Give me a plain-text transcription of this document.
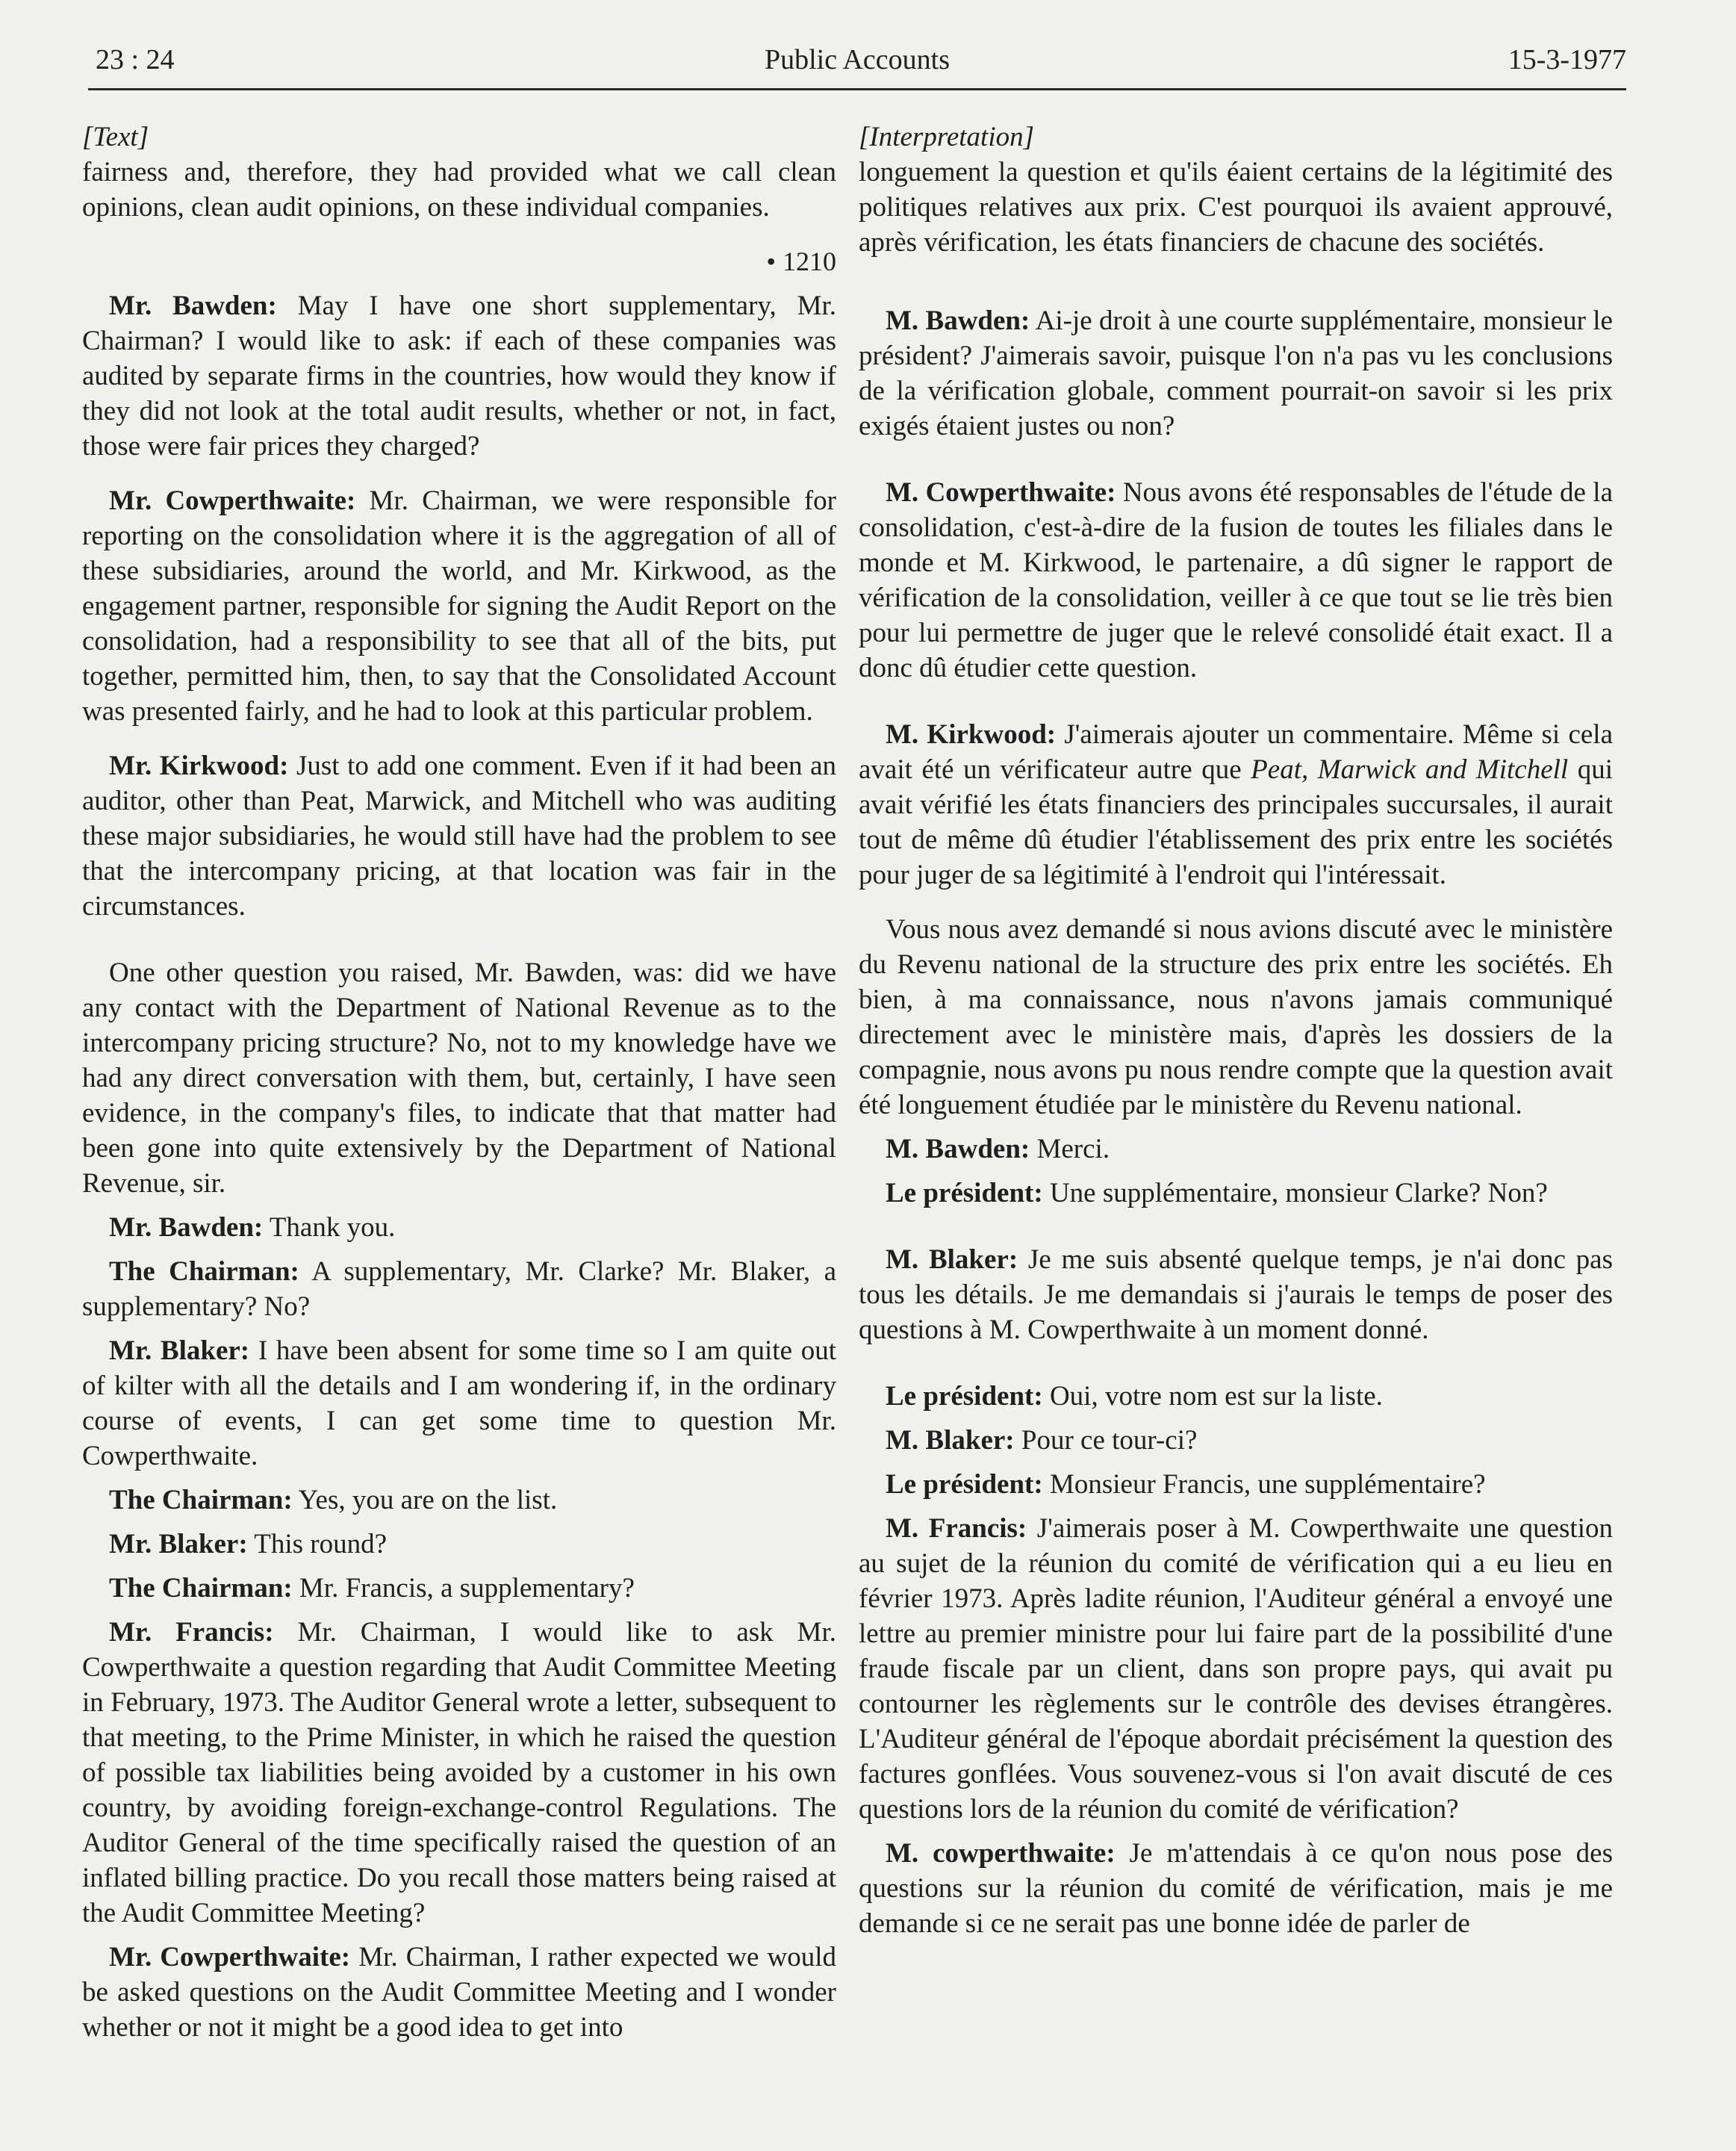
23 : 24	Public Accounts	15-3-1977
[Text]

fairness and, therefore, they had provided what we call clean opinions, clean audit opinions, on these individual companies.

• 1210

Mr. Bawden: May I have one short supplementary, Mr. Chairman? I would like to ask: if each of these companies was audited by separate firms in the countries, how would they know if they did not look at the total audit results, whether or not, in fact, those were fair prices they charged?

Mr. Cowperthwaite: Mr. Chairman, we were responsible for reporting on the consolidation where it is the aggregation of all of these subsidiaries, around the world, and Mr. Kirkwood, as the engagement partner, responsible for signing the Audit Report on the consolidation, had a responsibility to see that all of the bits, put together, permitted him, then, to say that the Consolidated Account was presented fairly, and he had to look at this particular problem.

Mr. Kirkwood: Just to add one comment. Even if it had been an auditor, other than Peat, Marwick, and Mitchell who was auditing these major subsidiaries, he would still have had the problem to see that the intercompany pricing, at that location was fair in the circumstances.

One other question you raised, Mr. Bawden, was: did we have any contact with the Department of National Revenue as to the intercompany pricing structure? No, not to my knowledge have we had any direct conversation with them, but, certainly, I have seen evidence, in the company's files, to indicate that that matter had been gone into quite extensively by the Department of National Revenue, sir.

Mr. Bawden: Thank you.

The Chairman: A supplementary, Mr. Clarke? Mr. Blaker, a supplementary? No?

Mr. Blaker: I have been absent for some time so I am quite out of kilter with all the details and I am wondering if, in the ordinary course of events, I can get some time to question Mr. Cowperthwaite.

The Chairman: Yes, you are on the list.

Mr. Blaker: This round?

The Chairman: Mr. Francis, a supplementary?

Mr. Francis: Mr. Chairman, I would like to ask Mr. Cowperthwaite a question regarding that Audit Committee Meeting in February, 1973. The Auditor General wrote a letter, subsequent to that meeting, to the Prime Minister, in which he raised the question of possible tax liabilities being avoided by a customer in his own country, by avoiding foreign-exchange-control Regulations. The Auditor General of the time specifically raised the question of an inflated billing practice. Do you recall those matters being raised at the Audit Committee Meeting?

Mr. Cowperthwaite: Mr. Chairman, I rather expected we would be asked questions on the Audit Committee Meeting and I wonder whether or not it might be a good idea to get into

[Interpretation]

longuement la question et qu'ils éaient certains de la légitimité des politiques relatives aux prix. C'est pourquoi ils avaient approuvé, après vérification, les états financiers de chacune des sociétés.

M. Bawden: Ai-je droit à une courte supplémentaire, monsieur le président? J'aimerais savoir, puisque l'on n'a pas vu les conclusions de la vérification globale, comment pourrait-on savoir si les prix exigés étaient justes ou non?

M. Cowperthwaite: Nous avons été responsables de l'étude de la consolidation, c'est-à-dire de la fusion de toutes les filiales dans le monde et M. Kirkwood, le partenaire, a dû signer le rapport de vérification de la consolidation, veiller à ce que tout se lie très bien pour lui permettre de juger que le relevé consolidé était exact. Il a donc dû étudier cette question.

M. Kirkwood: J'aimerais ajouter un commentaire. Même si cela avait été un vérificateur autre que Peat, Marwick and Mitchell qui avait vérifié les états financiers des principales succursales, il aurait tout de même dû étudier l'établissement des prix entre les sociétés pour juger de sa légitimité à l'endroit qui l'intéressait.

Vous nous avez demandé si nous avions discuté avec le ministère du Revenu national de la structure des prix entre les sociétés. Eh bien, à ma connaissance, nous n'avons jamais communiqué directement avec le ministère mais, d'après les dossiers de la compagnie, nous avons pu nous rendre compte que la question avait été longuement étudiée par le ministère du Revenu national.

M. Bawden: Merci.

Le président: Une supplémentaire, monsieur Clarke? Non?

M. Blaker: Je me suis absenté quelque temps, je n'ai donc pas tous les détails. Je me demandais si j'aurais le temps de poser des questions à M. Cowperthwaite à un moment donné.

Le président: Oui, votre nom est sur la liste.

M. Blaker: Pour ce tour-ci?

Le président: Monsieur Francis, une supplémentaire?

M. Francis: J'aimerais poser à M. Cowperthwaite une question au sujet de la réunion du comité de vérification qui a eu lieu en février 1973. Après ladite réunion, l'Auditeur général a envoyé une lettre au premier ministre pour lui faire part de la possibilité d'une fraude fiscale par un client, dans son propre pays, qui avait pu contourner les règlements sur le contrôle des devises étrangères. L'Auditeur général de l'époque abordait précisément la question des factures gonflées. Vous souvenez-vous si l'on avait discuté de ces questions lors de la réunion du comité de vérification?

M. cowperthwaite: Je m'attendais à ce qu'on nous pose des questions sur la réunion du comité de vérification, mais je me demande si ce ne serait pas une bonne idée de parler de
